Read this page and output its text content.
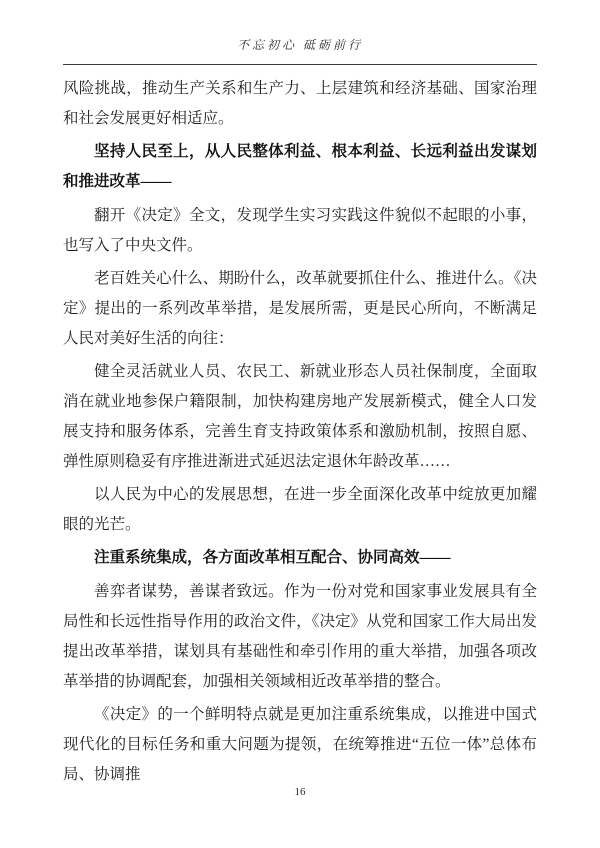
不忘初心 砥砺前行

风险挑战，推动生产关系和生产力、上层建筑和经济基础、国家治理和社会发展更好相适应。

坚持人民至上，从人民整体利益、根本利益、长远利益出发谋划和推进改革——

翻开《决定》全文，发现学生实习实践这件貌似不起眼的小事，也写入了中央文件。

老百姓关心什么、期盼什么，改革就要抓住什么、推进什么。《决定》提出的一系列改革举措，是发展所需，更是民心所向，不断满足人民对美好生活的向往：

健全灵活就业人员、农民工、新就业形态人员社保制度，全面取消在就业地参保户籍限制，加快构建房地产发展新模式，健全人口发展支持和服务体系，完善生育支持政策体系和激励机制，按照自愿、弹性原则稳妥有序推进渐进式延迟法定退休年龄改革……

以人民为中心的发展思想，在进一步全面深化改革中绽放更加耀眼的光芒。

注重系统集成，各方面改革相互配合、协同高效——

善弈者谋势，善谋者致远。作为一份对党和国家事业发展具有全局性和长远性指导作用的政治文件，《决定》从党和国家工作大局出发提出改革举措，谋划具有基础性和牵引作用的重大举措，加强各项改革举措的协调配套，加强相关领域相近改革举措的整合。

《决定》的一个鲜明特点就是更加注重系统集成，以推进中国式现代化的目标任务和重大问题为提领，在统筹推进“五位一体”总体布局、协调推

16
